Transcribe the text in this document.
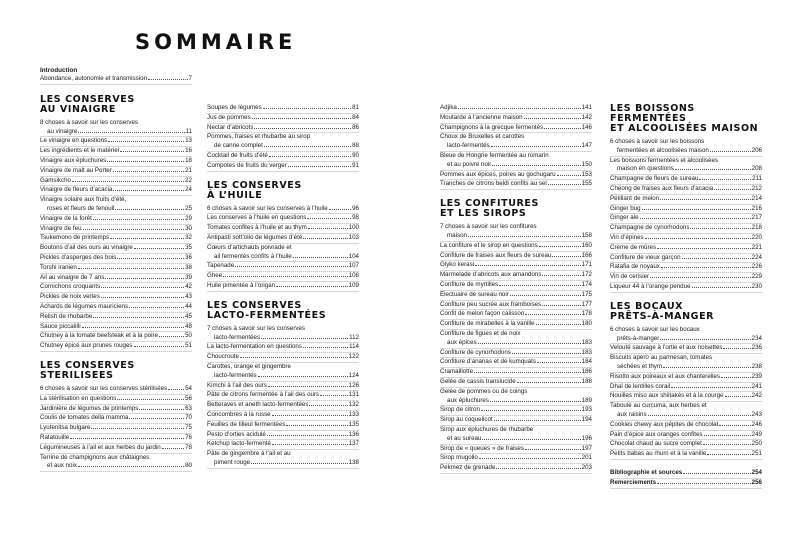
SOMMAIRE
Introduction
Abondance, autonomie et transmission	7
LES CONSERVES
AU VINAIGRE
8 choses à savoir sur les conserves
au vinaigre	11
Le vinaigre en questions	13
Les ingrédients et le matériel	16
Vinaigre aux épluchures	18
Vinaigre de malt au Porter	21
Gamsikcho	22
Vinaigre de fleurs d’acacia	24
Vinaigre solaire aux fruits d’été,
roses et fleurs de fenouil	25
Vinaigre de la forêt	29
Vinaigre de feu	30
Tsukemono de printemps	32
Boutons d’ail des ours au vinaigre	35
Pickles d’asperges des bois	36
Torshi iranien	38
Ail au vinaigre de 7 ans	39
Cornichons croquants	42
Pickles de noix vertes	43
Achards de légumes mauriciens	44
Relish de rhubarbe	45
Sauce piccalilli	48
Chutney à la tomate beefsteak et à la poire	50
Chutney épicé aux prunes rouges	51
LES CONSERVES
STERILISEES
6 choses à savoir sur les conserves stérilisées	54
La stérilisation en questions	56
Jardinière de légumes de printemps	63
Coulis de tomates della mamma	70
Lyutenitsa bulgare	75
Ratatouille	76
Légumineuses à l’ail et aux herbes du jardin	78
Terrine de champignons aux châtaignes
et aux noix	80
Soupes de légumes	81
Jus de pommes	84
Nectar d’abricots	86
Pommes, fraises et rhubarbe au sirop
de canne complet	88
Cocktail de fruits d’été	90
Compotes de fruits du verger	91
LES CONSERVES
À L’HUILE
6 choses à savoir sur les conserves à l’huile	96
Les conserves à l’huile en questions	98
Tomates confites à l’huile et au thym	100
Antipasti sott’olio de légumes d’été	103
Cœurs d’artichauts poivrade et
ail fermentés confits à l’huile	104
Tapenade	107
Ghee	108
Huile pimentée à l’origan	109
LES CONSERVES
LACTO-FERMENTÉES
7 choses à savoir sur les conserves
lacto-fermentées	112
La lacto-fermentation en questions	114
Choucroute	122
Carottes, orange et gingembre
lacto-fermentés	124
Kimchi à l’ail des ours	126
Pâte de citrons fermentée à l’ail des ours	131
Betteraves et aneth lacto-fermentées	132
Concombres à la russe	133
Feuilles de tilleul fermentées	135
Pesto d’orties acidulé	136
Ketchup lacto-fermenté	137
Pâte de gingembre à l’ail et au
piment rouge	138
Adjika	141
Moutarde à l’ancienne maison	142
Champignons à la grecque fermentés	146
Choux de Bruxelles et carottes
lacto-fermentés	147
Bleue de Hongrie fermentée au romarin
et au poivre noir	150
Pommes aux épices, poires au gochugaru	153
Tranches de citrons beldi confits au sel	155
LES CONFITURES
ET LES SIROPS
7 choses à savoir sur les confitures
maison	158
La confiture et le sirop en questions	160
Confiture de fraises aux fleurs de sureau	166
Glyko kerasi	171
Marmelade d’abricots aux amandons	172
Confiture de myrtilles	174
Électuaire de sureau noir	175
Confiture peu sucrée aux framboises	177
Confit de melon façon calisson	178
Confiture de mirabelles à la vanille	180
Confiture de figues et de noix
aux épices	183
Confiture de cynorhodons	183
Confiture d’ananas et de kumquats	184
Cramaillotte	186
Gelée de cassis translucide	188
Gelée de pommes ou de coings
aux épluchures	189
Sirop de citron	193
Sirop au coquelicot	194
Sirop aux épluchures de rhubarbe
et au sureau	196
Sirop de « queues » de fraises	197
Sirop mugolio	201
Pekmez de grenade	203
LES BOISSONS FERMENTÉES
ET ALCOOLISÉES MAISON
6 choses à savoir sur les boissons
fermentées et alcoolisées maison	206
Les boissons fermentées et alcoolisées
maison en questions	208
Champagne de fleurs de sureau	211
Chéong de fraises aux fleurs d’acacia	212
Pétillant de melon	214
Ginger bug	216
Ginger ale	217
Champagne de cynorhodons	218
Vin d’épines	220
Crème de mûres	221
Confiture de vieux garçon	224
Ratafia de noyaux	226
Vin de cerisier	229
Liqueur 44 à l’orange pendue	230
LES BOCAUX
PRÊTS-À-MANGER
6 choses à savoir sur les bocaux
prêts-à-manger	234
Velouté sauvage à l’ortie et aux noisettes	236
Biscuits apéro au parmesan, tomates
séchées et thym	238
Risotto aux poireaux et aux chanterelles	239
Dhal de lentilles corail	241
Nouilles miso aux shiitakés et à la courge	242
Taboulé au curcuma, aux herbes et
aux raisins	243
Cookies chewy aux pépites de chocolat	246
Pain d’épice aux oranges confites	249
Chocolat chaud au sucre complet	250
Petits babas au rhum et à la vanille	251
Bibliographie et sources	254
Remerciements	256
